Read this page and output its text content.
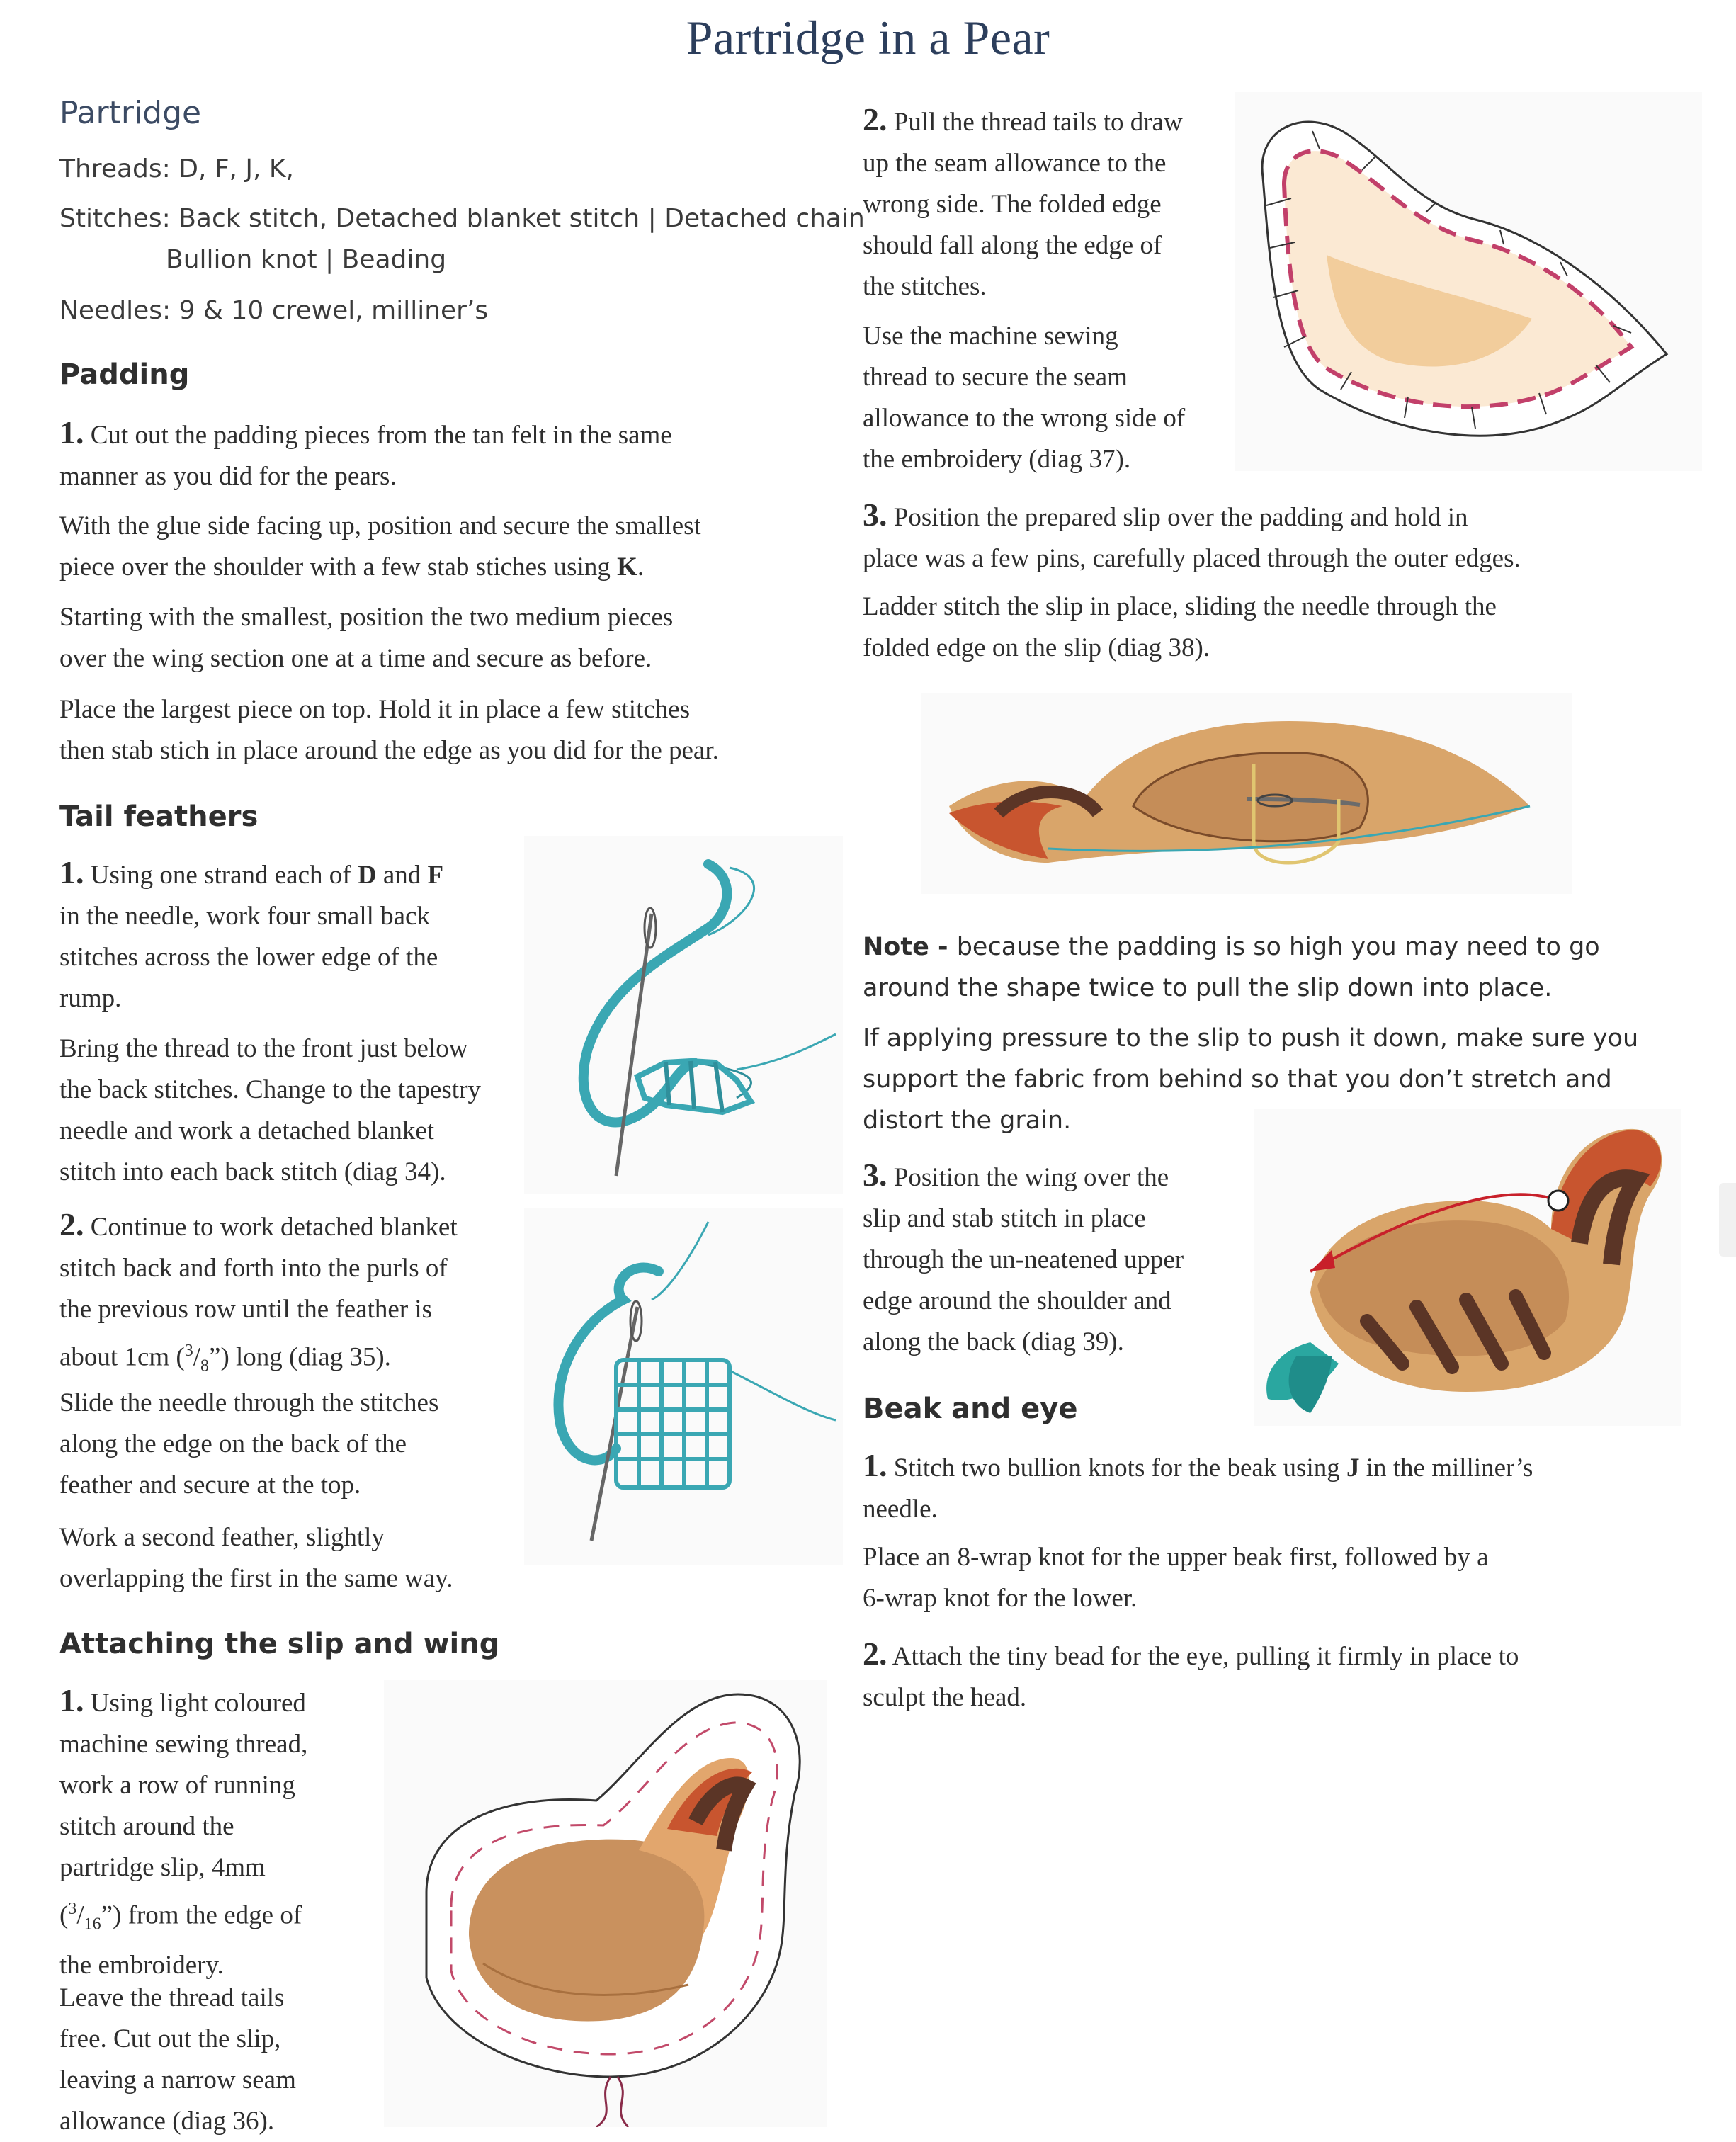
Partridge in a Pear
Partridge
Threads: D, F, J, K,
Stitches: Back stitch, Detached blanket stitch | Detached chain
Bullion knot | Beading
Needles: 9 & 10 crewel, milliner’s
Padding
1. Cut out the padding pieces from the tan felt in the same
manner as you did for the pears.
With the glue side facing up, position and secure the smallest
piece over the shoulder with a few stab stiches using K.
Starting with the smallest, position the two medium pieces
over the wing section one at a time and secure as before.
Place the largest piece on top. Hold it in place a few stitches
then stab stich in place around the edge as you did for the pear.
Tail feathers
1. Using one strand each of D and F
in the needle, work four small back
stitches across the lower edge of the
rump.
Bring the thread to the front just below
the back stitches. Change to the tapestry
needle and work a detached blanket
stitch into each back stitch (diag 34).
2. Continue to work detached blanket
stitch back and forth into the purls of
the previous row until the feather is
about 1cm $(^3/_8”)$ long (diag 35).
Slide the needle through the stitches
along the edge on the back of the
feather and secure at the top.
Work a second feather, slightly
overlapping the first in the same way.
Attaching the slip and wing
1. Using light coloured
machine sewing thread,
work a row of running
stitch around the
partridge slip, 4mm
$(^3/_{16}”)$ from the edge of
the embroidery.
Leave the thread tails
free. Cut out the slip,
leaving a narrow seam
allowance (diag 36).
2. Pull the thread tails to draw
up the seam allowance to the
wrong side. The folded edge
should fall along the edge of
the stitches.
Use the machine sewing
thread to secure the seam
allowance to the wrong side of
the embroidery (diag 37).
3. Position the prepared slip over the padding and hold in
place was a few pins, carefully placed through the outer edges.
Ladder stitch the slip in place, sliding the needle through the
folded edge on the slip (diag 38).
Note - because the padding is so high you may need to go
around the shape twice to pull the slip down into place.
If applying pressure to the slip to push it down, make sure you
support the fabric from behind so that you don’t stretch and
distort the grain.
3. Position the wing over the
slip and stab stitch in place
through the un-neatened upper
edge around the shoulder and
along the back (diag 39).
Beak and eye
1. Stitch two bullion knots for the beak using J in the milliner’s
needle.
Place an 8-wrap knot for the upper beak first, followed by a
6-wrap knot for the lower.
2. Attach the tiny bead for the eye, pulling it firmly in place to
sculpt the head.
